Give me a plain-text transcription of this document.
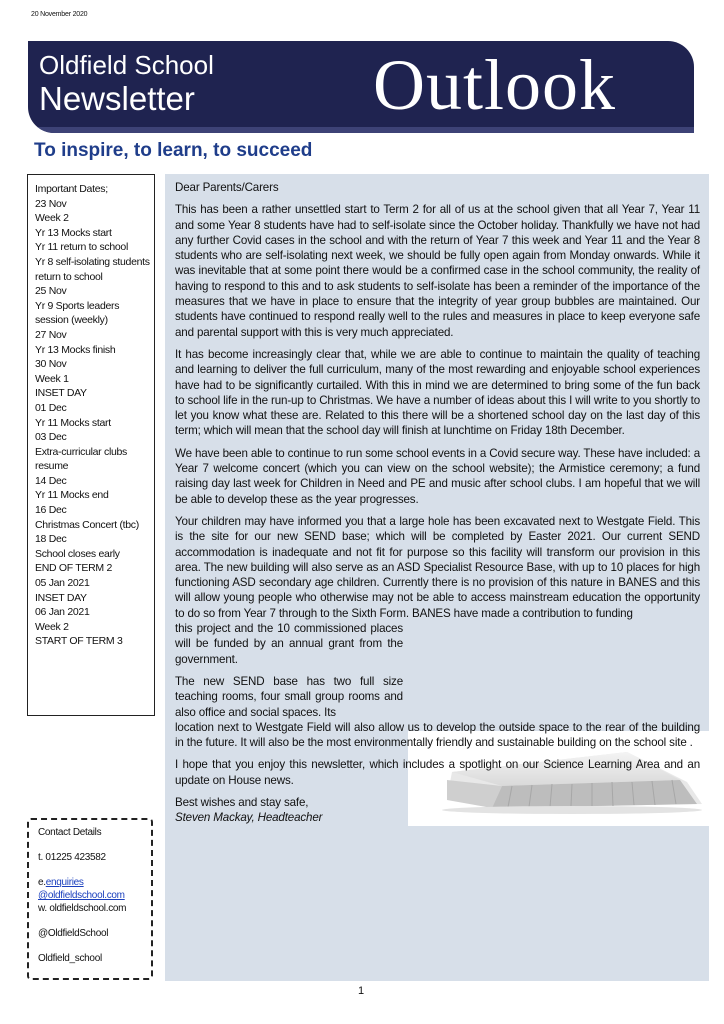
20 November 2020
Oldfield School
Newsletter Outlook
To inspire, to learn, to succeed
Important Dates;
23 Nov
Week 2
Yr 13 Mocks start
Yr 11 return to school
Yr 8 self-isolating students return to school
25 Nov
Yr 9 Sports leaders session (weekly)
27 Nov
Yr 13 Mocks finish
30 Nov
Week 1
INSET DAY
01 Dec
Yr 11 Mocks start
03 Dec
Extra-curricular clubs resume
14 Dec
Yr 11 Mocks end
16 Dec
Christmas Concert (tbc)
18 Dec
School closes early
END OF TERM 2
05 Jan 2021
INSET DAY
06 Jan 2021
Week 2
START OF TERM 3
Contact Details
t. 01225 423582
e.enquiries
@oldfieldschool.com
w. oldfieldschool.com
@OldfieldSchool
Oldfield_school

Dear Parents/Carers

This has been a rather unsettled start to Term 2 for all of us at the school given that all Year 7, Year 11 and some Year 8 students have had to self-isolate since the October holiday. Thankfully we have not had any further Covid cases in the school and with the return of Year 7 this week and Year 11 and the Year 8 students who are self-isolating next week, we should be fully open again from Monday onwards. While it was inevitable that at some point there would be a confirmed case in the school community, the reality of having to respond to this and to ask students to self-isolate has been a reminder of the importance of the measures that we have in place to ensure that the integrity of year group bubbles are maintained. Our students have continued to respond really well to the rules and measures in place to keep everyone safe and parental support with this is very much appreciated.

It has become increasingly clear that, while we are able to continue to maintain the quality of teaching and learning to deliver the full curriculum, many of the most rewarding and enjoyable school experiences have had to be significantly curtailed. With this in mind we are determined to bring some of the fun back to school life in the run-up to Christmas. We have a number of ideas about this I will write to you shortly to let you know what these are. Related to this there will be a shortened school day on the last day of this term; which will mean that the school day will finish at lunchtime on Friday 18th December.

We have been able to continue to run some school events in a Covid secure way. These have included: a Year 7 welcome concert (which you can view on the school website); the Armistice ceremony; a fund raising day last week for Children in Need and PE and music after school clubs. I am hopeful that we will be able to develop these as the year progresses.

Your children may have informed you that a large hole has been excavated next to Westgate Field. This is the site for our new SEND base; which will be completed by Easter 2021. Our current SEND accommodation is inadequate and not fit for purpose so this facility will transform our provision in this area. The new building will also serve as an ASD Specialist Resource Base, with up to 10 places for high functioning ASD secondary age children. Currently there is no provision of this nature in BANES and this will allow young people who otherwise may not be able to access mainstream education the opportunity to do so from Year 7 through to the Sixth Form. BANES have made a contribution to funding

this project and the 10 commissioned places will be funded by an annual grant from the government.

The new SEND base has two full size teaching rooms, four small group rooms and also office and social spaces. Its

location next to Westgate Field will also allow us to develop the outside space to the rear of the building in the future. It will also be the most environmentally friendly and sustainable building on the school site .

I hope that you enjoy this newsletter, which includes a spotlight on our Science Learning Area and an update on House news.

Best wishes and stay safe,

Steven Mackay, Headteacher

1
